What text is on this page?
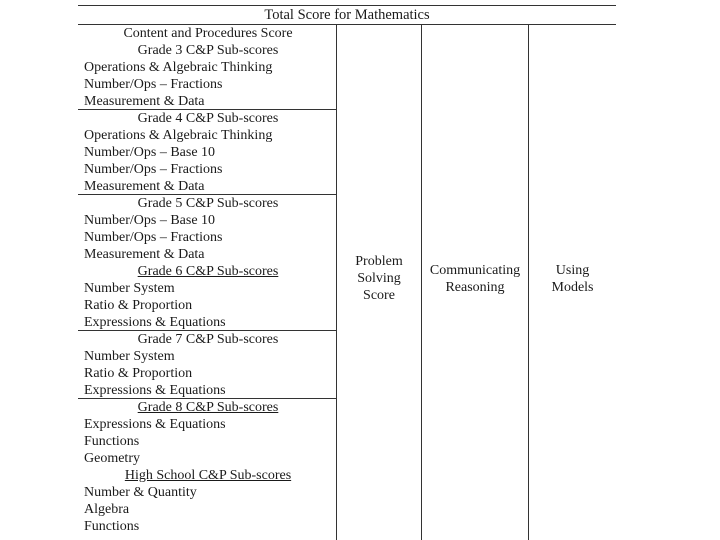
Total Score for Mathematics
Content and Procedures Score
Grade 3 C&P Sub-scores
Operations & Algebraic Thinking
Number/Ops – Fractions
Measurement & Data
Grade 4 C&P Sub-scores
Operations & Algebraic Thinking
Number/Ops – Base 10
Number/Ops – Fractions
Measurement & Data
Grade 5 C&P Sub-scores
Number/Ops – Base 10
Number/Ops – Fractions
Measurement & Data
Grade 6 C&P Sub-scores
Number System
Ratio & Proportion
Expressions & Equations
Grade 7 C&P Sub-scores
Number System
Ratio & Proportion
Expressions & Equations
Grade 8 C&P Sub-scores
Expressions & Equations
Functions
Geometry
High School C&P Sub-scores
Number & Quantity
Algebra
Functions
Problem
Solving
Score
Communicating
Reasoning
Using
Models
